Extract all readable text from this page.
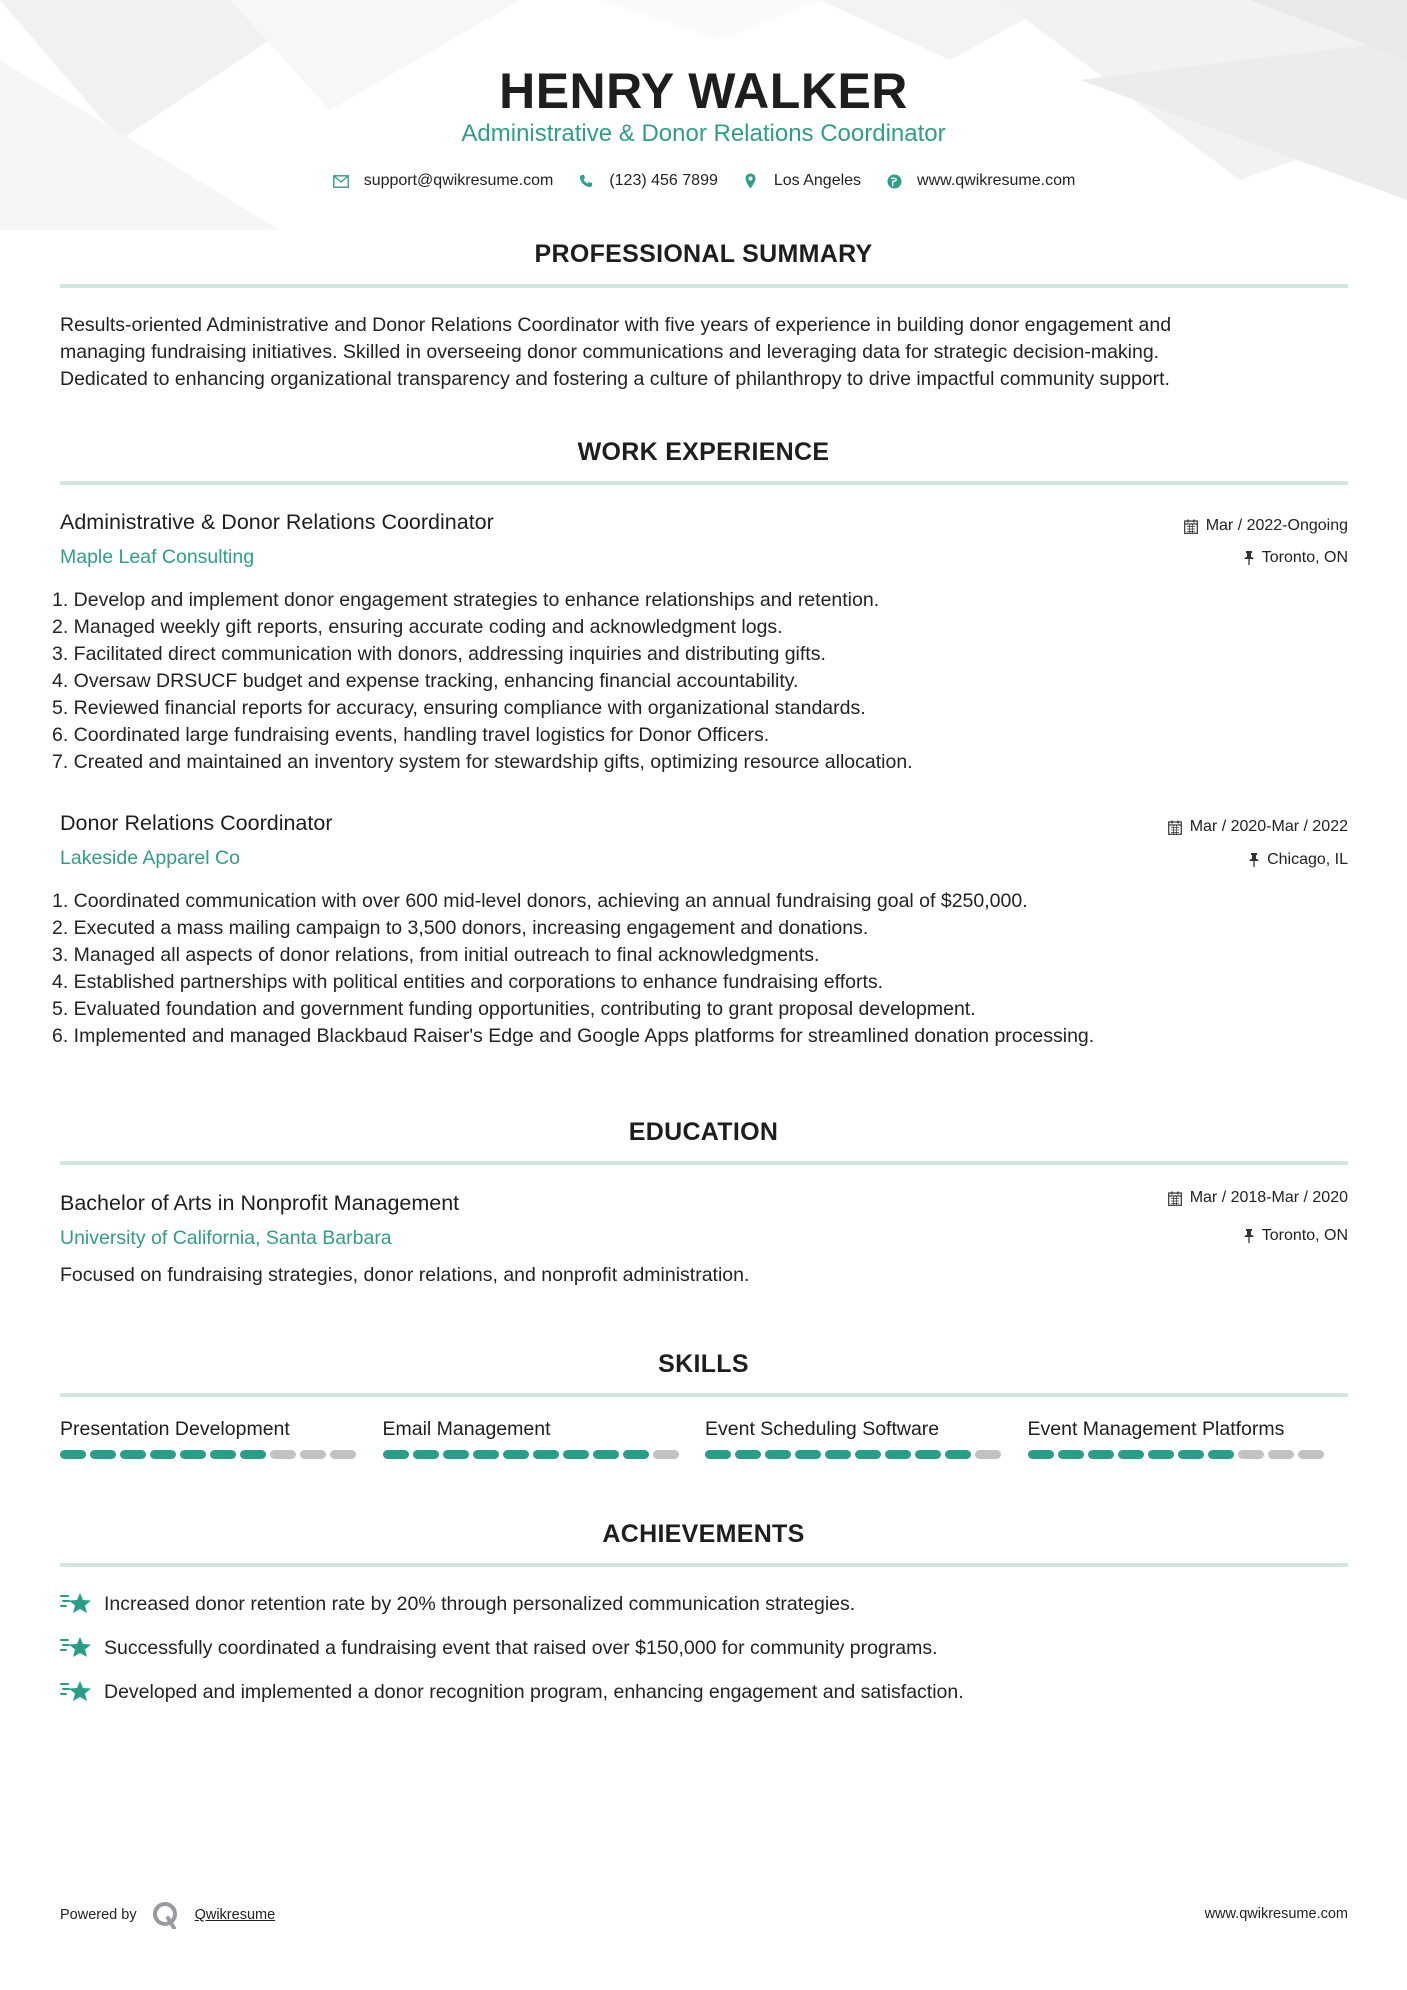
HENRY WALKER
Administrative & Donor Relations Coordinator
support@qwikresume.com	(123) 456 7899	Los Angeles	www.qwikresume.com
PROFESSIONAL SUMMARY
Results-oriented Administrative and Donor Relations Coordinator with five years of experience in building donor engagement and
managing fundraising initiatives. Skilled in overseeing donor communications and leveraging data for strategic decision-making.
Dedicated to enhancing organizational transparency and fostering a culture of philanthropy to drive impactful community support.
WORK EXPERIENCE
Administrative & Donor Relations Coordinator
Maple Leaf Consulting
Mar / 2022-Ongoing
Toronto, ON
1. Develop and implement donor engagement strategies to enhance relationships and retention.
2. Managed weekly gift reports, ensuring accurate coding and acknowledgment logs.
3. Facilitated direct communication with donors, addressing inquiries and distributing gifts.
4. Oversaw DRSUCF budget and expense tracking, enhancing financial accountability.
5. Reviewed financial reports for accuracy, ensuring compliance with organizational standards.
6. Coordinated large fundraising events, handling travel logistics for Donor Officers.
7. Created and maintained an inventory system for stewardship gifts, optimizing resource allocation.
Donor Relations Coordinator
Lakeside Apparel Co
Mar / 2020-Mar / 2022
Chicago, IL
1. Coordinated communication with over 600 mid-level donors, achieving an annual fundraising goal of $250,000.
2. Executed a mass mailing campaign to 3,500 donors, increasing engagement and donations.
3. Managed all aspects of donor relations, from initial outreach to final acknowledgments.
4. Established partnerships with political entities and corporations to enhance fundraising efforts.
5. Evaluated foundation and government funding opportunities, contributing to grant proposal development.
6. Implemented and managed Blackbaud Raiser's Edge and Google Apps platforms for streamlined donation processing.
EDUCATION
Bachelor of Arts in Nonprofit Management
University of California, Santa Barbara
Mar / 2018-Mar / 2020
Toronto, ON
Focused on fundraising strategies, donor relations, and nonprofit administration.
SKILLS
Presentation Development	Email Management	Event Scheduling Software	Event Management Platforms
ACHIEVEMENTS
Increased donor retention rate by 20% through personalized communication strategies.
Successfully coordinated a fundraising event that raised over $150,000 for community programs.
Developed and implemented a donor recognition program, enhancing engagement and satisfaction.
Powered by	Qwikresume	www.qwikresume.com
